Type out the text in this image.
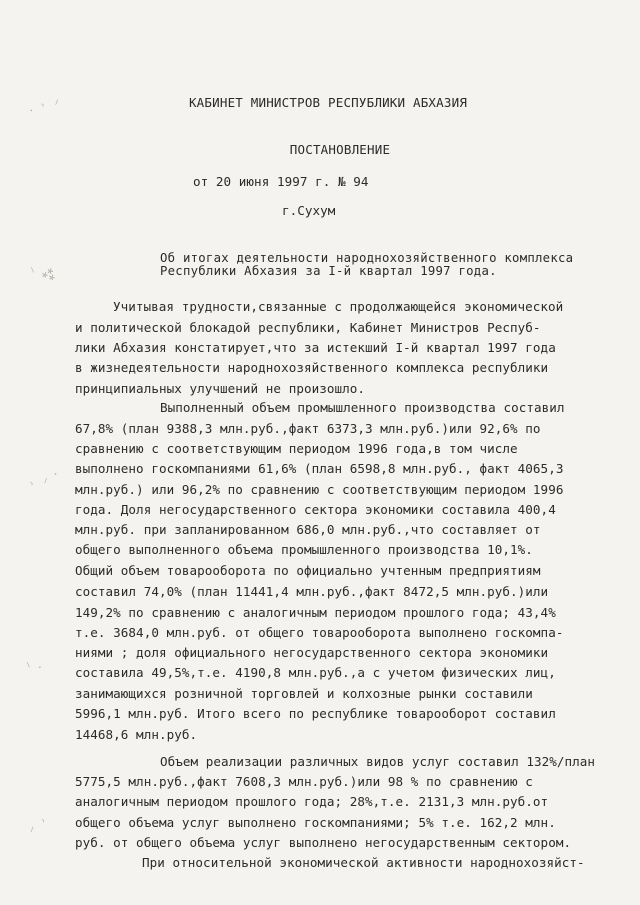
‧ ˒ ⸝
⸜ ⁂
˒ ⸝ ‧
⸜ ‧
⸝ ˒
КАБИНЕТ МИНИСТРОВ РЕСПУБЛИКИ АБХАЗИЯ
ПОСТАНОВЛЕНИЕ
от 20 июня 1997 г. № 94
г.Сухум
Об итогах деятельности народнохозяйственного комплекса
Республики Абхазия за I-й квартал 1997 года.
Учитывая трудности,связанные с продолжающейся экономической
и политической блокадой республики, Кабинет Министров Респуб-
лики Абхазия констатирует,что за истекший I-й квартал 1997 года
в жизнедеятельности народнохозяйственного комплекса республики
принципиальных улучшений не произошло.
Выполненный объем промышленного производства составил
67,8% (план 9388,3 млн.руб.,факт 6373,3 млн.руб.)или 92,6% по
сравнению с соответствующим периодом 1996 года,в том числе
выполнено госкомпаниями 61,6% (план 6598,8 млн.руб., факт 4065,3
млн.руб.) или 96,2% по сравнению с соответствующим периодом 1996
года. Доля негосударственного сектора экономики составила 400,4
млн.руб. при запланированном 686,0 млн.руб.,что составляет от
общего выполненного объема промышленного производства 10,1%.
Общий объем товарооборота по официально учтенным предприятиям
составил 74,0% (план 11441,4 млн.руб.,факт 8472,5 млн.руб.)или
149,2% по сравнению с аналогичным периодом прошлого года; 43,4%
т.е. 3684,0 млн.руб. от общего товарооборота выполнено госкомпа-
ниями ; доля официального негосударственного сектора экономики
составила 49,5%,т.е. 4190,8 млн.руб.,а с учетом физических лиц,
занимающихся розничной торговлей и колхозные рынки составили
5996,1 млн.руб. Итого всего по республике товарооборот составил
14468,6 млн.руб.
Объем реализации различных видов услуг составил 132%/план
5775,5 млн.руб.,факт 7608,3 млн.руб.)или 98 % по сравнению с
аналогичным периодом прошлого года; 28%,т.е. 2131,3 млн.руб.от
общего объема услуг выполнено госкомпаниями; 5% т.е. 162,2 млн.
руб. от общего объема услуг выполнено негосударственным сектором.
При относительной экономической активности народнохозяйст-
